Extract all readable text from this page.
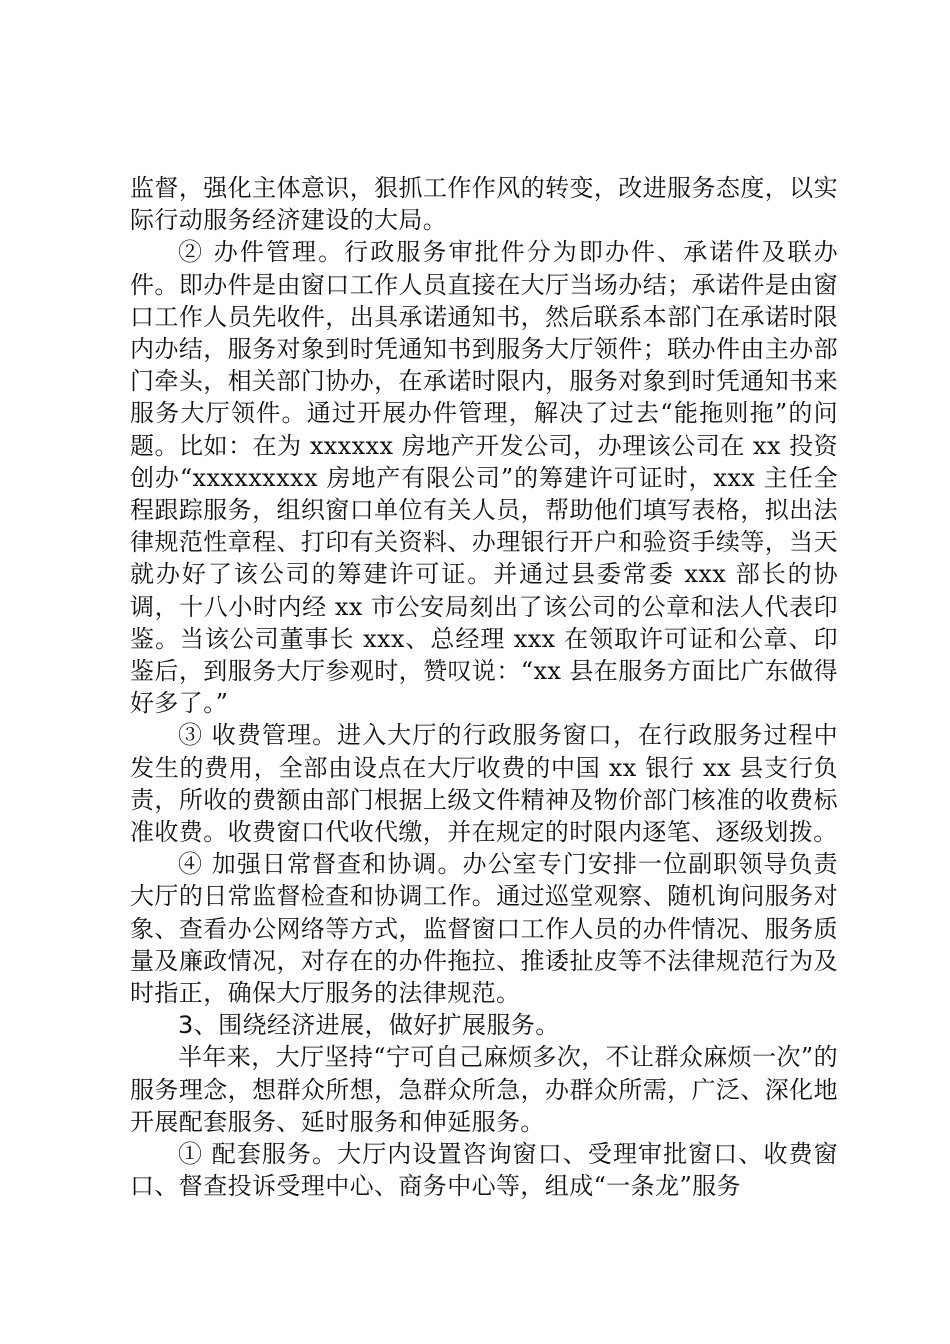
监督，强化主体意识，狠抓工作作风的转变，改进服务态度，以实际行动服务经济建设的大局。

② 办件管理。行政服务审批件分为即办件、承诺件及联办件。即办件是由窗口工作人员直接在大厅当场办结；承诺件是由窗口工作人员先收件，出具承诺通知书，然后联系本部门在承诺时限内办结，服务对象到时凭通知书到服务大厅领件；联办件由主办部门牵头，相关部门协办，在承诺时限内，服务对象到时凭通知书来服务大厅领件。通过开展办件管理，解决了过去“能拖则拖”的问题。比如：在为 xxxxxx 房地产开发公司，办理该公司在 xx 投资创办“xxxxxxxxx 房地产有限公司”的筹建许可证时，xxx 主任全程跟踪服务，组织窗口单位有关人员，帮助他们填写表格，拟出法律规范性章程、打印有关资料、办理银行开户和验资手续等，当天就办好了该公司的筹建许可证。并通过县委常委 xxx 部长的协调，十八小时内经 xx 市公安局刻出了该公司的公章和法人代表印鉴。当该公司董事长 xxx、总经理 xxx 在领取许可证和公章、印鉴后，到服务大厅参观时，赞叹说：“xx 县在服务方面比广东做得好多了。”

③ 收费管理。进入大厅的行政服务窗口，在行政服务过程中发生的费用，全部由设点在大厅收费的中国 xx 银行 xx 县支行负责，所收的费额由部门根据上级文件精神及物价部门核准的收费标准收费。收费窗口代收代缴，并在规定的时限内逐笔、逐级划拨。

④ 加强日常督查和协调。办公室专门安排一位副职领导负责大厅的日常监督检查和协调工作。通过巡堂观察、随机询问服务对象、查看办公网络等方式，监督窗口工作人员的办件情况、服务质量及廉政情况，对存在的办件拖拉、推诿扯皮等不法律规范行为及时指正，确保大厅服务的法律规范。

3、围绕经济进展，做好扩展服务。

半年来，大厅坚持“宁可自己麻烦多次，不让群众麻烦一次”的服务理念，想群众所想，急群众所急，办群众所需，广泛、深化地开展配套服务、延时服务和伸延服务。

① 配套服务。大厅内设置咨询窗口、受理审批窗口、收费窗口、督查投诉受理中心、商务中心等，组成“一条龙”服务
